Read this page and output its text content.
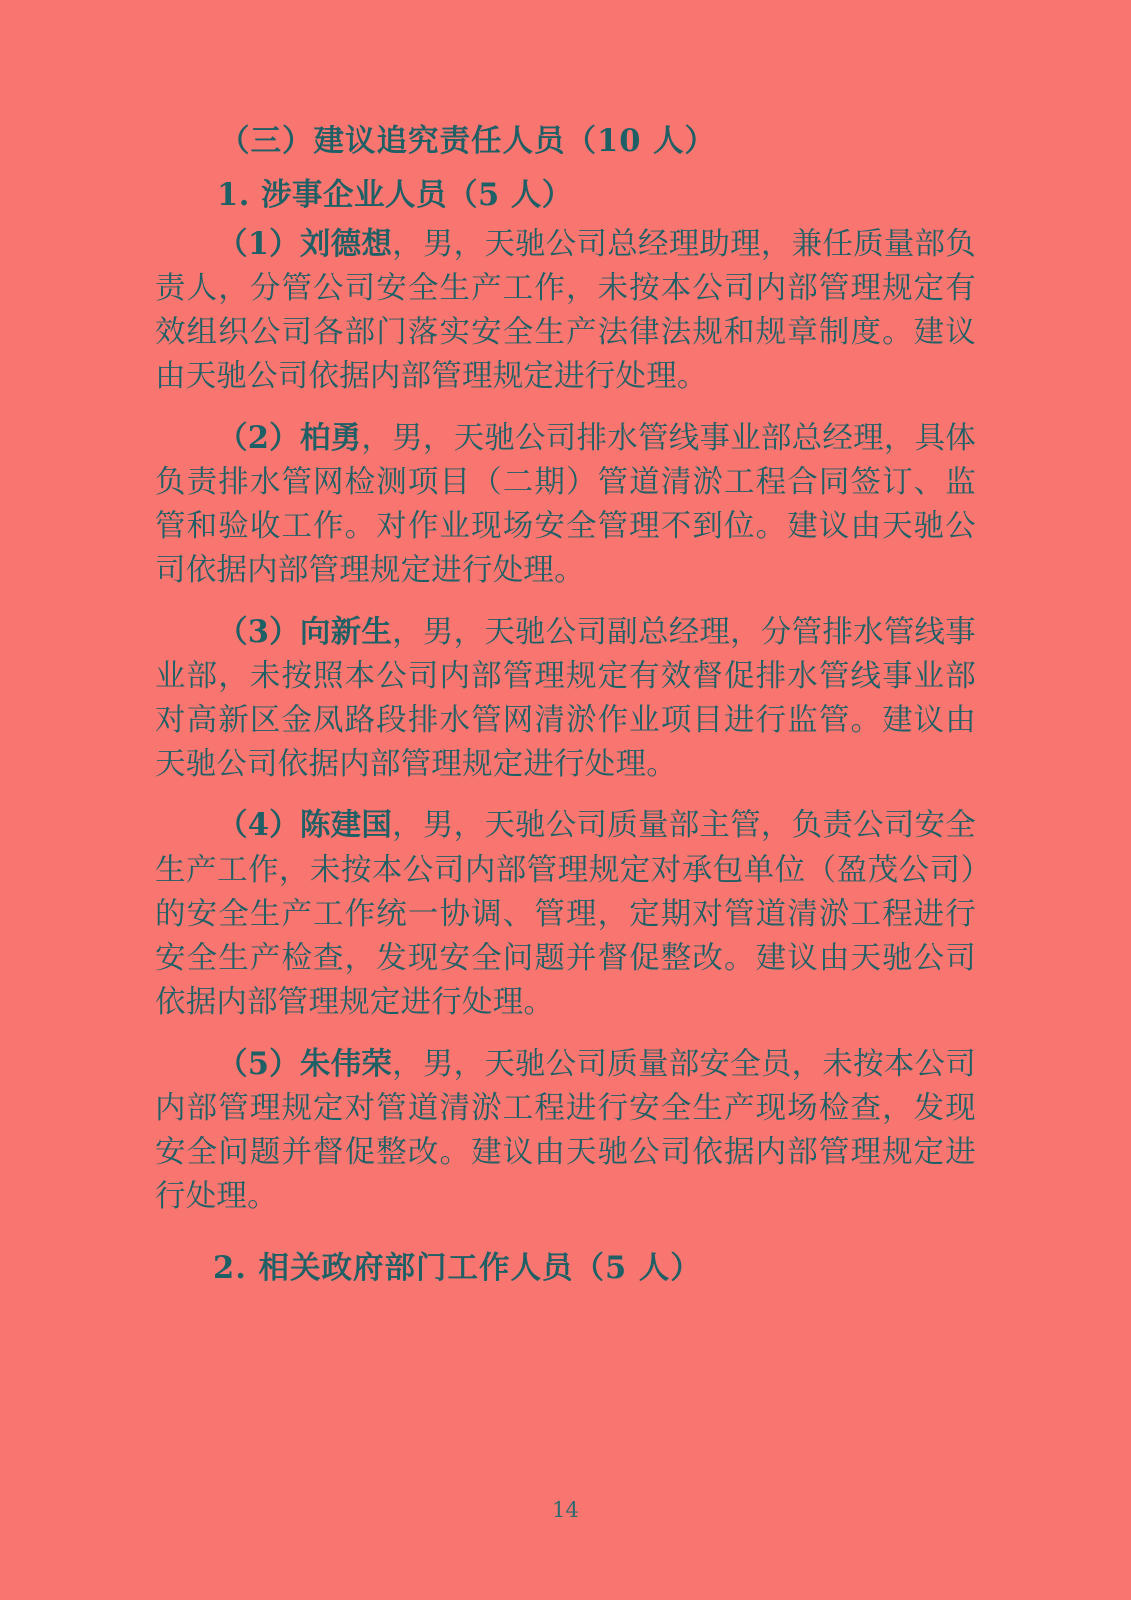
（三）建议追究责任人员（10 人）
1. 涉事企业人员（5 人）

（1）刘德想，男，天驰公司总经理助理，兼任质量部负责人，分管公司安全生产工作，未按本公司内部管理规定有效组织公司各部门落实安全生产法律法规和规章制度。建议由天驰公司依据内部管理规定进行处理。

（2）柏勇，男，天驰公司排水管线事业部总经理，具体负责排水管网检测项目（二期）管道清淤工程合同签订、监管和验收工作。对作业现场安全管理不到位。建议由天驰公司依据内部管理规定进行处理。

（3）向新生，男，天驰公司副总经理，分管排水管线事业部，未按照本公司内部管理规定有效督促排水管线事业部对高新区金凤路段排水管网清淤作业项目进行监管。建议由天驰公司依据内部管理规定进行处理。

（4）陈建国，男，天驰公司质量部主管，负责公司安全生产工作，未按本公司内部管理规定对承包单位（盈茂公司）的安全生产工作统一协调、管理，定期对管道清淤工程进行安全生产检查，发现安全问题并督促整改。建议由天驰公司依据内部管理规定进行处理。

（5）朱伟荣，男，天驰公司质量部安全员，未按本公司内部管理规定对管道清淤工程进行安全生产现场检查，发现安全问题并督促整改。建议由天驰公司依据内部管理规定进行处理。

2. 相关政府部门工作人员（5 人）
14
